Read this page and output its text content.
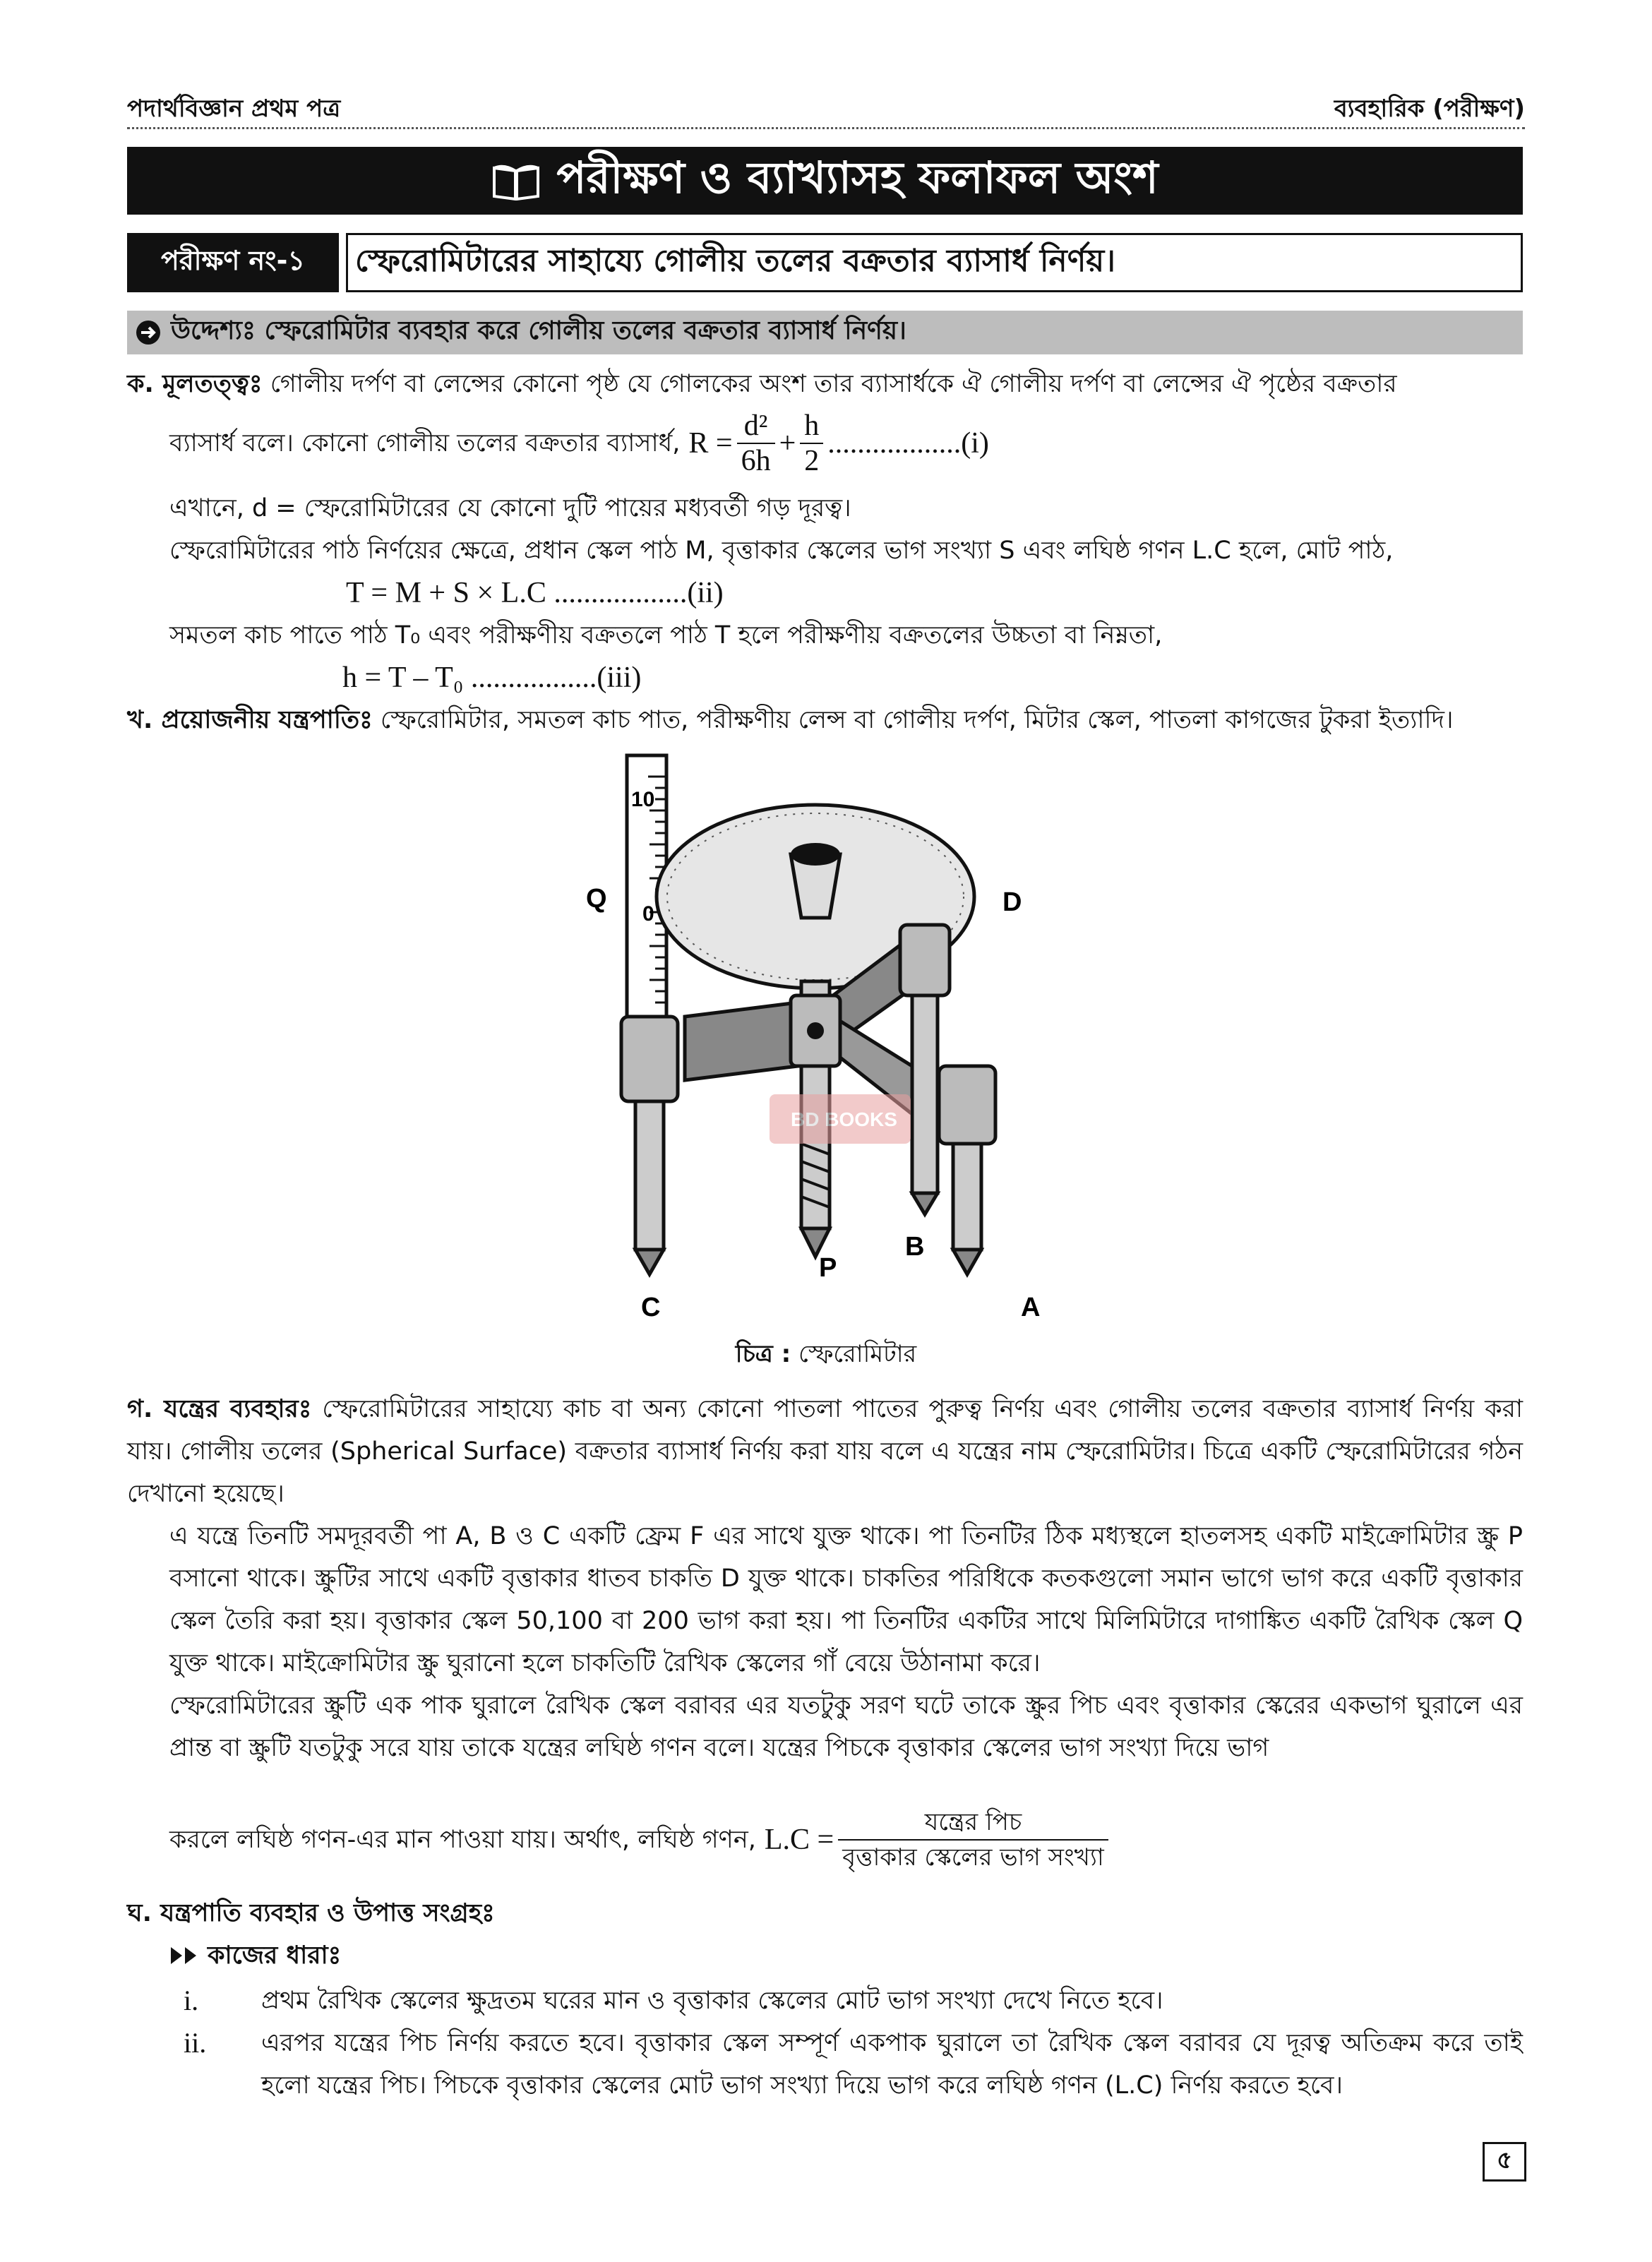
পদার্থবিজ্ঞান প্রথম পত্র	ব্যবহারিক (পরীক্ষণ)
পরীক্ষণ ও ব্যাখ্যাসহ ফলাফল অংশ
পরীক্ষণ নং-১	স্ফেরোমিটারের সাহায্যে গোলীয় তলের বক্রতার ব্যাসার্ধ নির্ণয়।
উদ্দেশ্যঃ স্ফেরোমিটার ব্যবহার করে গোলীয় তলের বক্রতার ব্যাসার্ধ নির্ণয়।
ক. মূলতত্ত্বঃ গোলীয় দর্পণ বা লেন্সের কোনো পৃষ্ঠ যে গোলকের অংশ তার ব্যাসার্ধকে ঐ গোলীয় দর্পণ বা লেন্সের ঐ পৃষ্ঠের বক্রতার
ব্যাসার্ধ বলে। কোনো গোলীয় তলের বক্রতার ব্যাসার্ধ, $R = \frac{\text{d²}}{6h} + \frac{h}{2} ..................(i)$
এখানে, d = স্ফেরোমিটারের যে কোনো দুটি পায়ের মধ্যবর্তী গড় দূরত্ব।
স্ফেরোমিটারের পাঠ নির্ণয়ের ক্ষেত্রে, প্রধান স্কেল পাঠ M, বৃত্তাকার স্কেলের ভাগ সংখ্যা S এবং লঘিষ্ঠ গণন L.C হলে, মোট পাঠ,
T = M + S × L.C ..................(ii)
সমতল কাচ পাতে পাঠ T₀ এবং পরীক্ষণীয় বক্রতলে পাঠ T হলে পরীক্ষণীয় বক্রতলের উচ্চতা বা নিম্নতা,
h = T – T₀ .................(iii)
খ. প্রয়োজনীয় যন্ত্রপাতিঃ স্ফেরোমিটার, সমতল কাচ পাত, পরীক্ষণীয় লেন্স বা গোলীয় দর্পণ, মিটার স্কেল, পাতলা কাগজের টুকরা ইত্যাদি।
10
0
Q	D
P
B
C	A
BD BOOKS
চিত্র : স্ফেরোমিটার
গ. যন্ত্রের ব্যবহারঃ স্ফেরোমিটারের সাহায্যে কাচ বা অন্য কোনো পাতলা পাতের পুরুত্ব নির্ণয় এবং গোলীয় তলের বক্রতার ব্যাসার্ধ নির্ণয় করা যায়। গোলীয় তলের (Spherical Surface) বক্রতার ব্যাসার্ধ নির্ণয় করা যায় বলে এ যন্ত্রের নাম স্ফেরোমিটার। চিত্রে একটি স্ফেরোমিটারের গঠন দেখানো হয়েছে।
এ যন্ত্রে তিনটি সমদূরবর্তী পা A, B ও C একটি ফ্রেম F এর সাথে যুক্ত থাকে। পা তিনটির ঠিক মধ্যস্থলে হাতলসহ একটি মাইক্রোমিটার স্ক্রু P বসানো থাকে। স্ক্রুটির সাথে একটি বৃত্তাকার ধাতব চাকতি D যুক্ত থাকে। চাকতির পরিধিকে কতকগুলো সমান ভাগে ভাগ করে একটি বৃত্তাকার স্কেল তৈরি করা হয়। বৃত্তাকার স্কেল 50,100 বা 200 ভাগ করা হয়। পা তিনটির একটির সাথে মিলিমিটারে দাগাঙ্কিত একটি রৈখিক স্কেল Q যুক্ত থাকে। মাইক্রোমিটার স্ক্রু ঘুরানো হলে চাকতিটি রৈখিক স্কেলের গাঁ বেয়ে উঠানামা করে।
স্ফেরোমিটারের স্ক্রুটি এক পাক ঘুরালে রৈখিক স্কেল বরাবর এর যতটুকু সরণ ঘটে তাকে স্ক্রুর পিচ এবং বৃত্তাকার স্কেরের একভাগ ঘুরালে এর প্রান্ত বা স্ক্রুটি যতটুকু সরে যায় তাকে যন্ত্রের লঘিষ্ঠ গণন বলে। যন্ত্রের পিচকে বৃত্তাকার স্কেলের ভাগ সংখ্যা দিয়ে ভাগ
করলে লঘিষ্ঠ গণন-এর মান পাওয়া যায়। অর্থাৎ, লঘিষ্ঠ গণন, $L.C = \frac{\text{যন্ত্রের পিচ}}{\text{বৃত্তাকার স্কেলের ভাগ সংখ্যা}}$
ঘ. যন্ত্রপাতি ব্যবহার ও উপাত্ত সংগ্রহঃ
কাজের ধারাঃ
i.	প্রথম রৈখিক স্কেলের ক্ষুদ্রতম ঘরের মান ও বৃত্তাকার স্কেলের মোট ভাগ সংখ্যা দেখে নিতে হবে।
ii.	এরপর যন্ত্রের পিচ নির্ণয় করতে হবে। বৃত্তাকার স্কেল সম্পূর্ণ একপাক ঘুরালে তা রৈখিক স্কেল বরাবর যে দূরত্ব অতিক্রম করে তাই হলো যন্ত্রের পিচ। পিচকে বৃত্তাকার স্কেলের মোট ভাগ সংখ্যা দিয়ে ভাগ করে লঘিষ্ঠ গণন (L.C) নির্ণয় করতে হবে।
৫
